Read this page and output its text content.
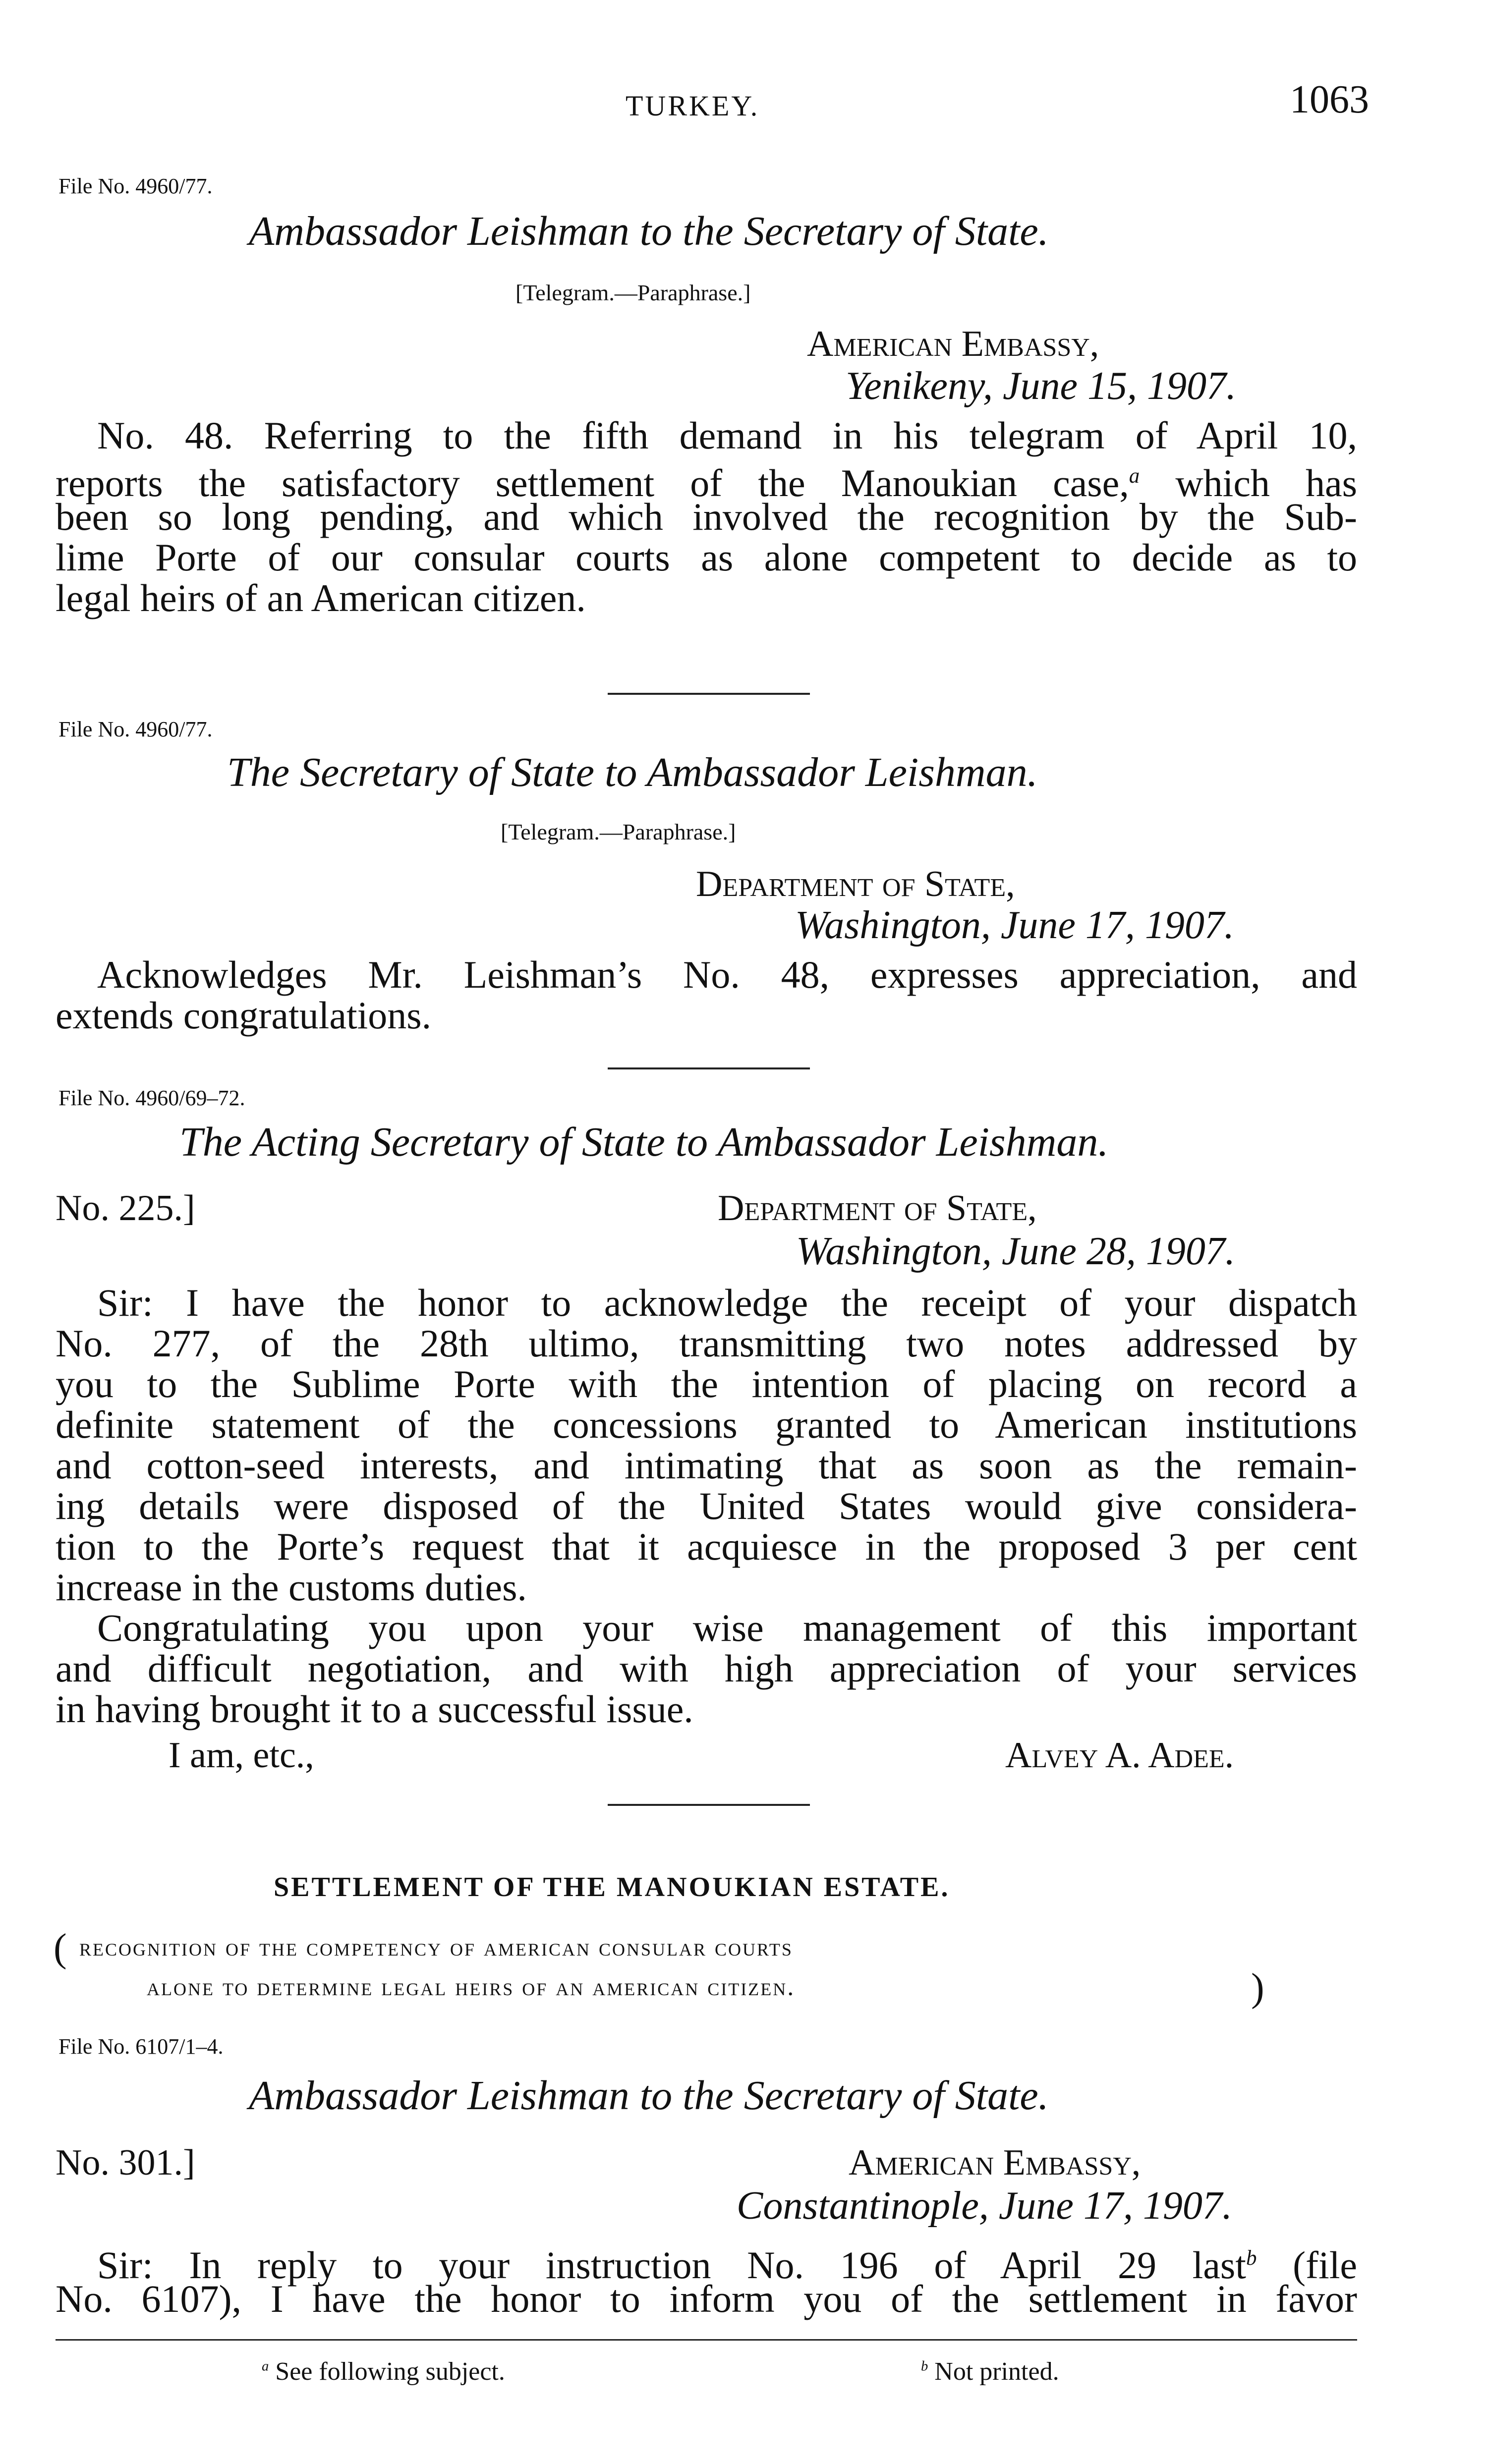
TURKEY.	1063
File No. 4960/77.
Ambassador Leishman to the Secretary of State.
[Telegram.—Paraphrase.]
American Embassy,
Yenikeny, June 15, 1907.
No. 48. Referring to the fifth demand in his telegram of April 10,
reports the satisfactory settlement of the Manoukian case,$^a$ which has
been so long pending, and which involved the recognition by the Sub-
lime Porte of our consular courts as alone competent to decide as to
legal heirs of an American citizen.
File No. 4960/77.
The Secretary of State to Ambassador Leishman.
[Telegram.—Paraphrase.]
Department of State,
Washington, June 17, 1907.
Acknowledges Mr. Leishman’s No. 48, expresses appreciation, and
extends congratulations.
File No. 4960/69–72.
The Acting Secretary of State to Ambassador Leishman.
No. 225.]	Department of State,
Washington, June 28, 1907.
Sir: I have the honor to acknowledge the receipt of your dispatch
No. 277, of the 28th ultimo, transmitting two notes addressed by
you to the Sublime Porte with the intention of placing on record a
definite statement of the concessions granted to American institutions
and cotton-seed interests, and intimating that as soon as the remain-
ing details were disposed of the United States would give considera-
tion to the Porte’s request that it acquiesce in the proposed 3 per cent
increase in the customs duties.
Congratulating you upon your wise management of this important
and difficult negotiation, and with high appreciation of your services
in having brought it to a successful issue.
I am, etc.,	Alvey A. Adee.
SETTLEMENT OF THE MANOUKIAN ESTATE.
( recognition of the competency of american consular courts
alone to determine legal heirs of an american citizen.	)
File No. 6107/1–4.
Ambassador Leishman to the Secretary of State.
No. 301.]	American Embassy,
Constantinople, June 17, 1907.
Sir: In reply to your instruction No. 196 of April 29 last$^b$ (file
No. 6107), I have the honor to inform you of the settlement in favor
$^a$ See following subject.	$^b$ Not printed.
